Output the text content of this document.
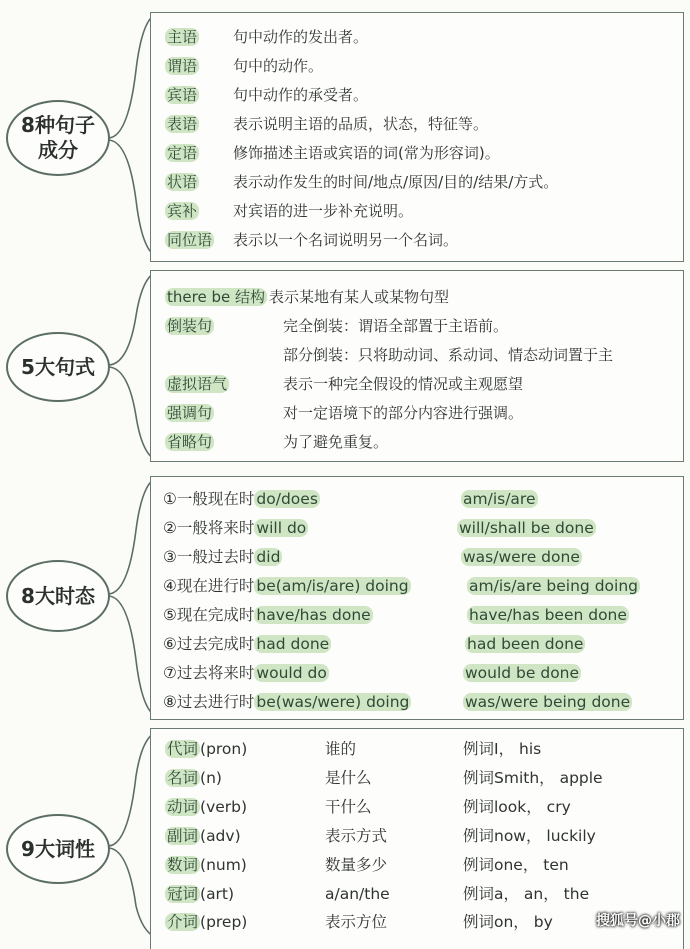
8种句子
成分
主语 句中动作的发出者。
谓语 句中的动作。
宾语 句中动作的承受者。
表语 表示说明主语的品质，状态，特征等。
定语 修饰描述主语或宾语的词(常为形容词)。
状语 表示动作发生的时间/地点/原因/目的/结果/方式。
宾补 对宾语的进一步补充说明。
同位语 表示以一个名词说明另一个名词。
5大句式
there be 结构 表示某地有某人或某物句型
倒装句	完全倒装：谓语全部置于主语前。
部分倒装：只将助动词、系动词、情态动词置于主
虚拟语气	表示一种完全假设的情况或主观愿望
强调句	对一定语境下的部分内容进行强调。
省略句	为了避免重复。
8大时态
①一般现在时 do/does	am/is/are
②一般将来时 will do	will/shall be done
③一般过去时 did	was/were done
④现在进行时 be(am/is/are) doing	am/is/are being doing
⑤现在完成时 have/has done	have/has been done
⑥过去完成时 had done	had been done
⑦过去将来时 would do	would be done
⑧过去进行时 be(was/were) doing	was/were being done
9大词性
代词 (pron)	谁的	例词I， his
名词 (n)	是什么	例词Smith， apple
动词 (verb)	干什么	例词look， cry
副词 (adv)	表示方式	例词now， luckily
数词 (num)	数量多少	例词one， ten
冠词 (art)	a/an/the	例词a， an， the
介词 (prep)	表示方位	例词on， by	搜狐号@小郡
